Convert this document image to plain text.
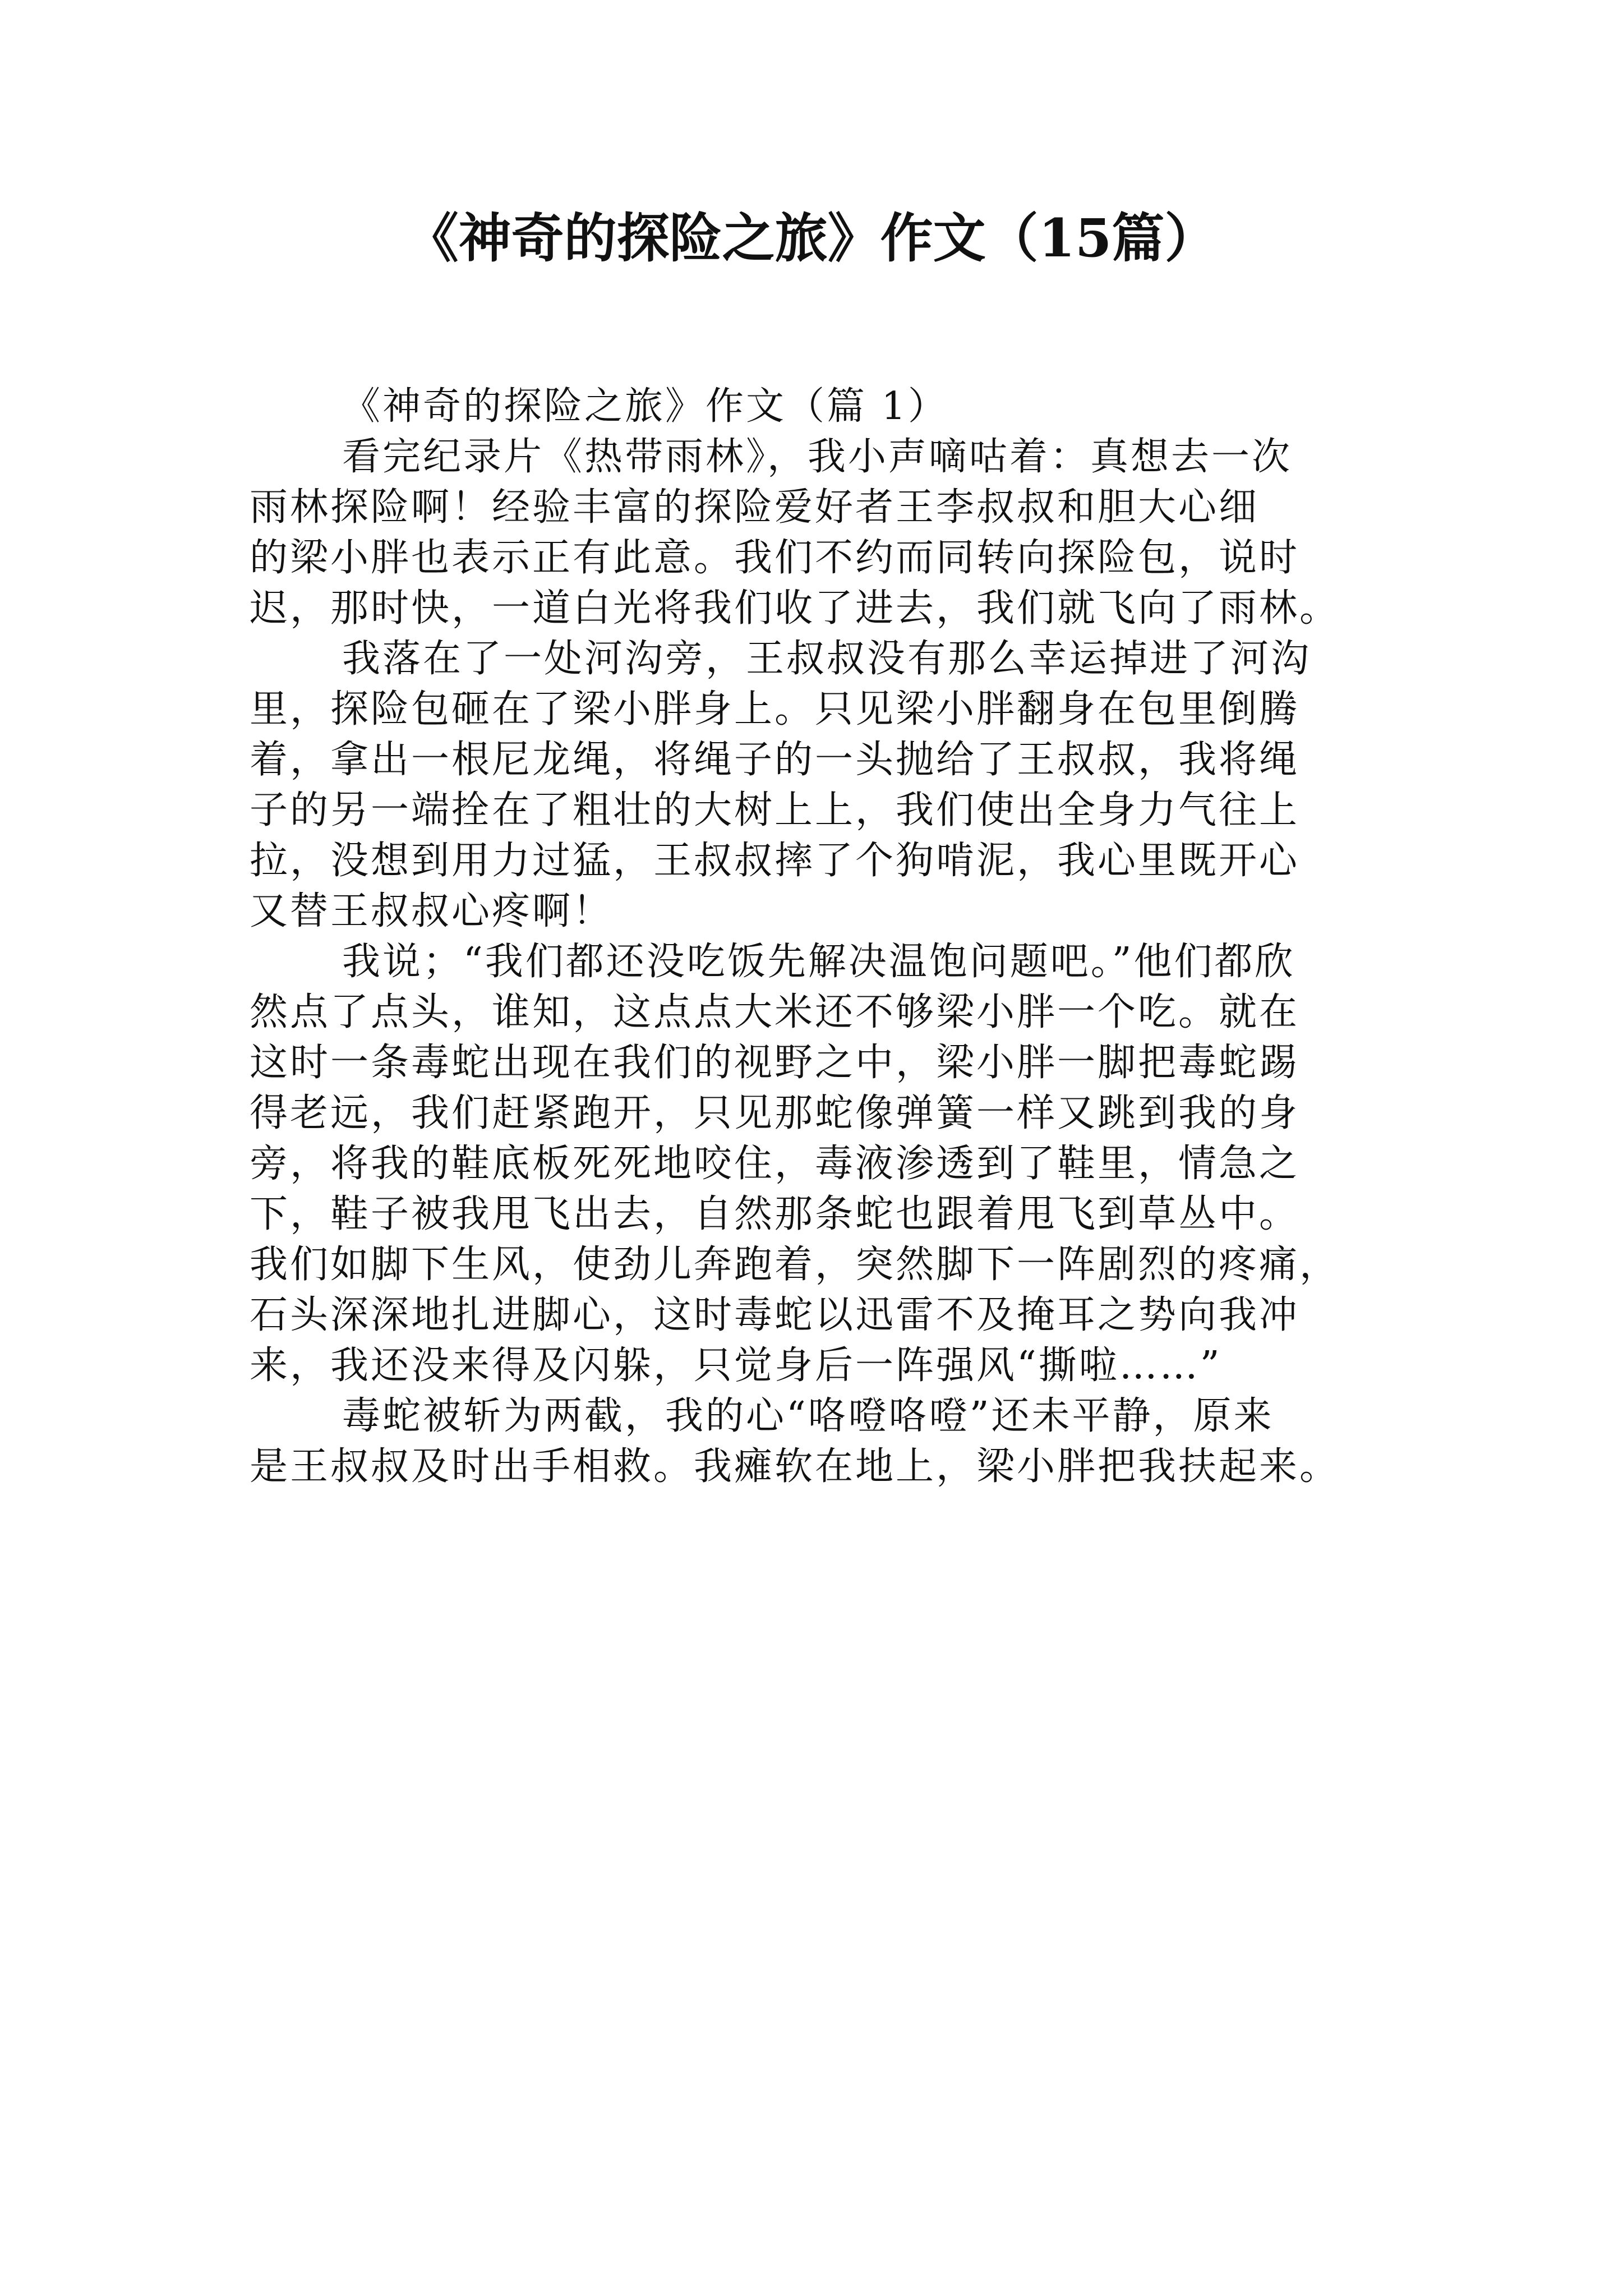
《神奇的探险之旅》作文（15篇）
《神奇的探险之旅》作文（篇 1）
看完纪录片《热带雨林》，我小声嘀咕着：真想去一次
雨林探险啊！经验丰富的探险爱好者王李叔叔和胆大心细
的梁小胖也表示正有此意。我们不约而同转向探险包，说时
迟，那时快，一道白光将我们收了进去，我们就飞向了雨林。
我落在了一处河沟旁，王叔叔没有那么幸运掉进了河沟
里，探险包砸在了梁小胖身上。只见梁小胖翻身在包里倒腾
着，拿出一根尼龙绳，将绳子的一头抛给了王叔叔，我将绳
子的另一端拴在了粗壮的大树上上，我们使出全身力气往上
拉，没想到用力过猛，王叔叔摔了个狗啃泥，我心里既开心
又替王叔叔心疼啊！
我说；“我们都还没吃饭先解决温饱问题吧。”他们都欣
然点了点头，谁知，这点点大米还不够梁小胖一个吃。就在
这时一条毒蛇出现在我们的视野之中，梁小胖一脚把毒蛇踢
得老远，我们赶紧跑开，只见那蛇像弹簧一样又跳到我的身
旁，将我的鞋底板死死地咬住，毒液渗透到了鞋里，情急之
下，鞋子被我甩飞出去，自然那条蛇也跟着甩飞到草丛中。
我们如脚下生风，使劲儿奔跑着，突然脚下一阵剧烈的疼痛，
石头深深地扎进脚心，这时毒蛇以迅雷不及掩耳之势向我冲
来，我还没来得及闪躲，只觉身后一阵强风“撕啦……”
毒蛇被斩为两截，我的心“咯噔咯噔”还未平静，原来
是王叔叔及时出手相救。我瘫软在地上，梁小胖把我扶起来。
